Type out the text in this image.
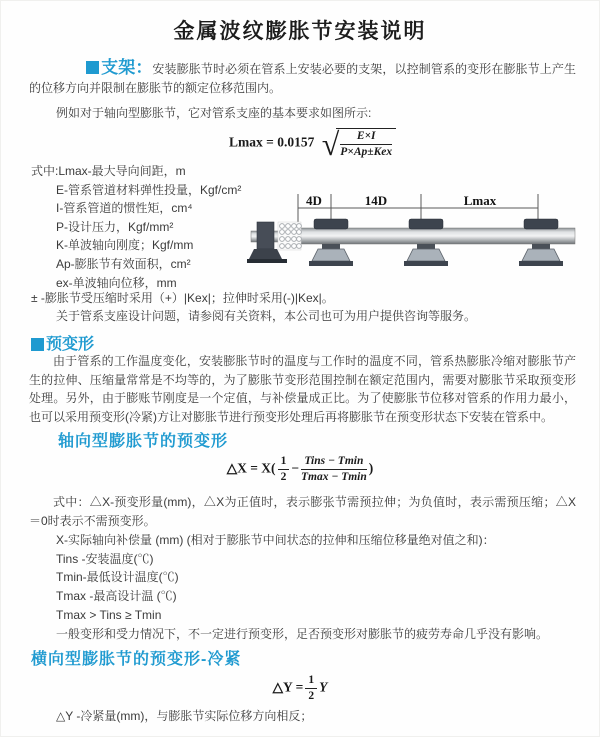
金属波纹膨胀节安装说明
支架：安装膨胀节时必须在管系上安装必要的支架，以控制管系的变形在膨胀节上产生的位移方向并限制在膨胀节的额定位移范围内。
例如对于轴向型膨胀节，它对管系支座的基本要求如图所示:
Lmax = 0.0157 √ $\frac{E\times I}{\text{P×Ap±Kex}}$
式中:Lmax-最大导向间距，m
E-管系管道材料弹性投量，Kgf/cm²
I-管系管道的惯性矩，cm⁴
P-设计压力，Kgf/mm²
K-单波轴向刚度；Kgf/mm
Ap-膨胀节有效面积，cm²
ex-单波轴向位移，mm
± -膨胀节受压缩时采用（+）|Kex|；拉伸时采用(-)|Kex|。
关于管系支座设计问题，请参阅有关资料，本公司也可为用户提供咨询等服务。
4D	14D	Lmax
预变形
由于管系的工作温度变化，安装膨胀节时的温度与工作时的温度不同，管系热膨胀冷缩对膨胀节产生的拉伸、压缩量常常是不均等的，为了膨胀节变形范围控制在额定范围内，需要对膨胀节采取预变形处理。另外，由于膨账节刚度是一个定值，与补偿量成正比。为了使膨胀节位移对管系的作用力最小，也可以采用预变形(冷紧)方让对膨胀节进行预变形处理后再将膨胀节在预变形状态下安装在管系中。
轴向型膨胀节的预变形
△X = $X( \frac{1}{2} - \frac{\text{Tins − Tmin}}{Tmax - Tmin}$ )
式中：△X-预变形量(mm)，△X为正值时，表示膨张节需预拉伸；为负值时，表示需预压缩；△X＝0时表示不需预变形。
X-实际轴向补偿量 (mm) (相对于膨胀节中间状态的拉伸和压缩位移量绝对值之和)：
Tins -安装温度(℃)
Tmin-最低设计温度(℃)
Tmax -最高设计温 (℃)
Tmax > Tins ≥ Tmin
一般变形和受力情况下，不一定进行预变形，足否预变形对膨胀节的疲劳寿命几乎没有影响。
横向型膨胀节的预变形-冷紧
△Y = $\frac{1}{2}$ Y
△Y -冷紧量(mm)，与膨胀节实际位移方向相反；
